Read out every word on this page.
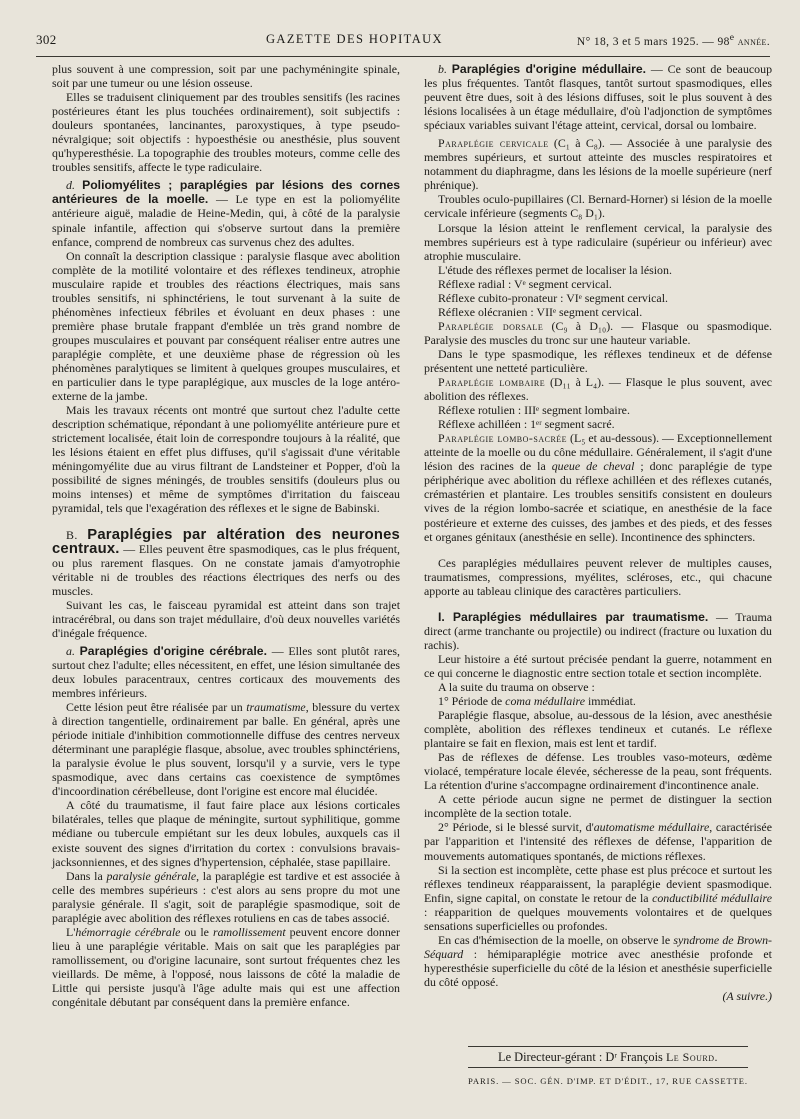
302	GAZETTE DES HOPITAUX	N° 18, 3 et 5 mars 1925. — 98e année.

plus souvent à une compression, soit par une pachyméningite spinale, soit par une tumeur ou une lésion osseuse.

Elles se traduisent cliniquement par des troubles sensitifs (les racines postérieures étant les plus touchées ordinairement), soit subjectifs : douleurs spontanées, lancinantes, paroxystiques, à type pseudo-névralgique; soit objectifs : hypoesthésie ou anesthésie, plus souvent qu'hyperesthésie. La topographie des troubles moteurs, comme celle des troubles sensitifs, affecte le type radiculaire.

d. Poliomyélites ; paraplégies par lésions des cornes antérieures de la moelle. — Le type en est la poliomyélite antérieure aiguë, maladie de Heine-Medin, qui, à côté de la paralysie spinale infantile, affection qui s'observe surtout dans la première enfance, comprend de nombreux cas survenus chez des adultes.

On connaît la description classique : paralysie flasque avec abolition complète de la motilité volontaire et des réflexes tendineux, atrophie musculaire rapide et troubles des réactions électriques, mais sans troubles sensitifs, ni sphinctériens, le tout survenant à la suite de phénomènes infectieux fébriles et évoluant en deux phases : une première phase brutale frappant d'emblée un très grand nombre de groupes musculaires et pouvant par conséquent réaliser entre autres une paraplégie complète, et une deuxième phase de régression où les phénomènes paralytiques se limitent à quelques groupes musculaires, et en particulier dans le type paraplégique, aux muscles de la loge antéro-externe de la jambe.

Mais les travaux récents ont montré que surtout chez l'adulte cette description schématique, répondant à une poliomyélite antérieure pure et strictement localisée, était loin de correspondre toujours à la réalité, que les lésions étaient en effet plus diffuses, qu'il s'agissait d'une véritable méningomyélite due au virus filtrant de Landsteiner et Popper, d'où la possibilité de signes méningés, de troubles sensitifs (douleurs plus ou moins intenses) et même de symptômes d'irritation du faisceau pyramidal, tels que l'exagération des réflexes et le signe de Babinski.

B. Paraplégies par altération des neurones centraux. — Elles peuvent être spasmodiques, cas le plus fréquent, ou plus rarement flasques. On ne constate jamais d'amyotrophie véritable ni de troubles des réactions électriques des nerfs ou des muscles.

Suivant les cas, le faisceau pyramidal est atteint dans son trajet intracérébral, ou dans son trajet médullaire, d'où deux nouvelles variétés d'inégale fréquence.

a. Paraplégies d'origine cérébrale. — Elles sont plutôt rares, surtout chez l'adulte; elles nécessitent, en effet, une lésion simultanée des deux lobules paracentraux, centres corticaux des mouvements des membres inférieurs.

Cette lésion peut être réalisée par un traumatisme, blessure du vertex à direction tangentielle, ordinairement par balle. En général, après une période initiale d'inhibition commotionnelle diffuse des centres nerveux déterminant une paraplégie flasque, absolue, avec troubles sphinctériens, la paralysie évolue le plus souvent, lorsqu'il y a survie, vers le type spasmodique, avec dans certains cas coexistence de symptômes d'incoordination cérébelleuse, dont l'origine est encore mal élucidée.

A côté du traumatisme, il faut faire place aux lésions corticales bilatérales, telles que plaque de méningite, surtout syphilitique, gomme médiane ou tubercule empiétant sur les deux lobules, auxquels cas il existe souvent des signes d'irritation du cortex : convulsions bravais-jacksonniennes, et des signes d'hypertension, céphalée, stase papillaire.

Dans la paralysie générale, la paraplégie est tardive et est associée à celle des membres supérieurs : c'est alors au sens propre du mot une paralysie générale. Il s'agit, soit de paraplégie spasmodique, soit de paraplégie avec abolition des réflexes rotuliens en cas de tabes associé.

L'hémorragie cérébrale ou le ramollissement peuvent encore donner lieu à une paraplégie véritable. Mais on sait que les paraplégies par ramollissement, ou d'origine lacunaire, sont surtout fréquentes chez les vieillards. De même, à l'opposé, nous laissons de côté la maladie de Little qui persiste jusqu'à l'âge adulte mais qui est une affection congénitale débutant par conséquent dans la première enfance.

b. Paraplégies d'origine médullaire. — Ce sont de beaucoup les plus fréquentes. Tantôt flasques, tantôt surtout spasmodiques, elles peuvent être dues, soit à des lésions diffuses, soit le plus souvent à des lésions localisées à un étage médullaire, d'où l'adjonction de symptômes spéciaux variables suivant l'étage atteint, cervical, dorsal ou lombaire.

Paraplégie cervicale (C₁ à C₈). — Associée à une paralysie des membres supérieurs, et surtout atteinte des muscles respiratoires et notamment du diaphragme, dans les lésions de la moelle supérieure (nerf phrénique).

Troubles oculo-pupillaires (Cl. Bernard-Horner) si lésion de la moelle cervicale inférieure (segments C₈ D₁).

Lorsque la lésion atteint le renflement cervical, la paralysie des membres supérieurs est à type radiculaire (supérieur ou inférieur) avec atrophie musculaire.

L'étude des réflexes permet de localiser la lésion.

Réflexe radial : Vᵉ segment cervical.

Réflexe cubito-pronateur : VIᵉ segment cervical.

Réflexe olécranien : VIIᵉ segment cervical.

Paraplégie dorsale (C₉ à D₁₀). — Flasque ou spasmodique. Paralysie des muscles du tronc sur une hauteur variable.

Dans le type spasmodique, les réflexes tendineux et de défense présentent une netteté particulière.

Paraplégie lombaire (D₁₁ à L₄). — Flasque le plus souvent, avec abolition des réflexes.

Réflexe rotulien : IIIᵉ segment lombaire.

Réflexe achilléen : 1ᵉʳ segment sacré.

Paraplégie lombo-sacrée (L₅ et au-dessous). — Exceptionnellement atteinte de la moelle ou du cône médullaire. Généralement, il s'agit d'une lésion des racines de la queue de cheval ; donc paraplégie de type périphérique avec abolition du réflexe achilléen et des réflexes cutanés, crémastérien et plantaire. Les troubles sensitifs consistent en douleurs vives de la région lombo-sacrée et sciatique, en anesthésie de la face postérieure et externe des cuisses, des jambes et des pieds, et des fesses et organes génitaux (anesthésie en selle). Incontinence des sphincters.

Ces paraplégies médullaires peuvent relever de multiples causes, traumatismes, compressions, myélites, scléroses, etc., qui chacune apporte au tableau clinique des caractères particuliers.

I. Paraplégies médullaires par traumatisme. — Trauma direct (arme tranchante ou projectile) ou indirect (fracture ou luxation du rachis).

Leur histoire a été surtout précisée pendant la guerre, notamment en ce qui concerne le diagnostic entre section totale et section incomplète.

A la suite du trauma on observe :

1° Période de coma médullaire immédiat.

Paraplégie flasque, absolue, au-dessous de la lésion, avec anesthésie complète, abolition des réflexes tendineux et cutanés. Le réflexe plantaire se fait en flexion, mais est lent et tardif.

Pas de réflexes de défense. Les troubles vaso-moteurs, œdème violacé, température locale élevée, sécheresse de la peau, sont fréquents. La rétention d'urine s'accompagne ordinairement d'incontinence anale.

A cette période aucun signe ne permet de distinguer la section incomplète de la section totale.

2° Période, si le blessé survit, d'automatisme médullaire, caractérisée par l'apparition et l'intensité des réflexes de défense, l'apparition de mouvements automatiques spontanés, de mictions réflexes.

Si la section est incomplète, cette phase est plus précoce et surtout les réflexes tendineux réapparaissent, la paraplégie devient spasmodique. Enfin, signe capital, on constate le retour de la conductibilité médullaire : réapparition de quelques mouvements volontaires et de quelques sensations superficielles ou profondes.

En cas d'hémisection de la moelle, on observe le syndrome de Brown-Séquard : hémiparaplégie motrice avec anesthésie profonde et hyperesthésie superficielle du côté de la lésion et anesthésie superficielle du côté opposé.

(A suivre.)

Le Directeur-gérant : Dʳ François Le Sourd.
PARIS. — SOC. GÉN. D'IMP. ET D'ÉDIT., 17, RUE CASSETTE.
